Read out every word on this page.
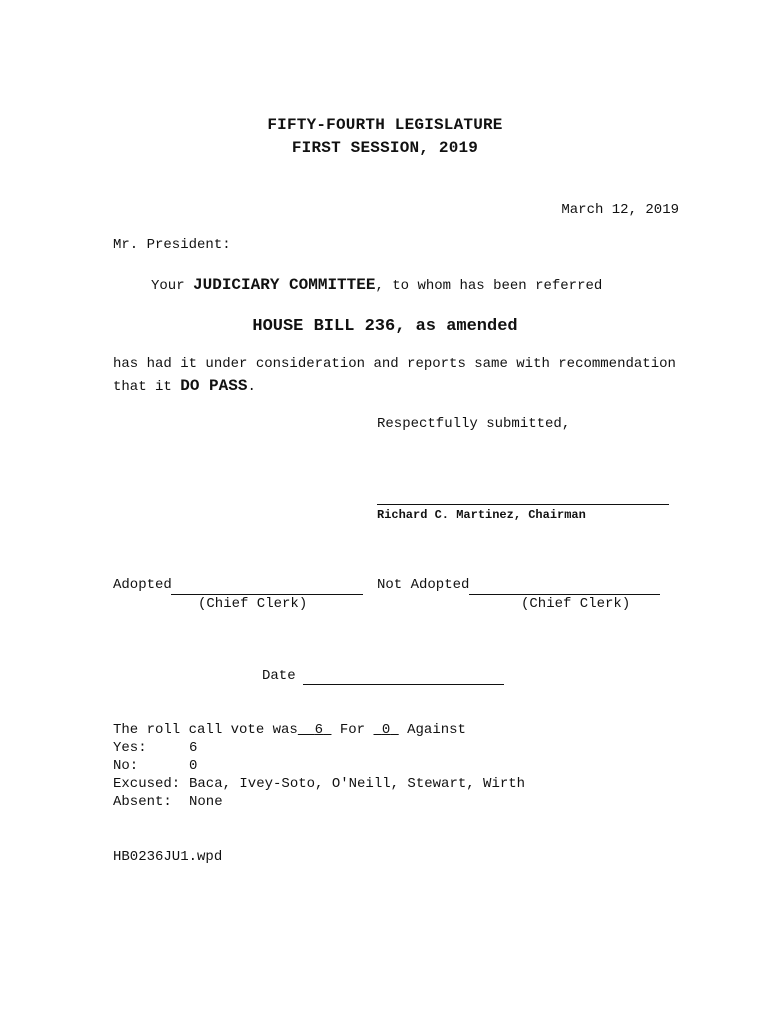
FIFTY-FOURTH LEGISLATURE
FIRST SESSION, 2019
March 12, 2019
Mr. President:
Your JUDICIARY COMMITTEE, to whom has been referred
HOUSE BILL 236, as amended
has had it under consideration and reports same with recommendation
that it DO PASS.
Respectfully submitted,
Richard C. Martinez, Chairman
Adopted
(Chief Clerk)
Not Adopted
(Chief Clerk)
Date
The roll call vote was 6 For 0 Against
Yes:	6
No:	0
Excused: Baca, Ivey-Soto, O'Neill, Stewart, Wirth
Absent: None
HB0236JU1.wpd
